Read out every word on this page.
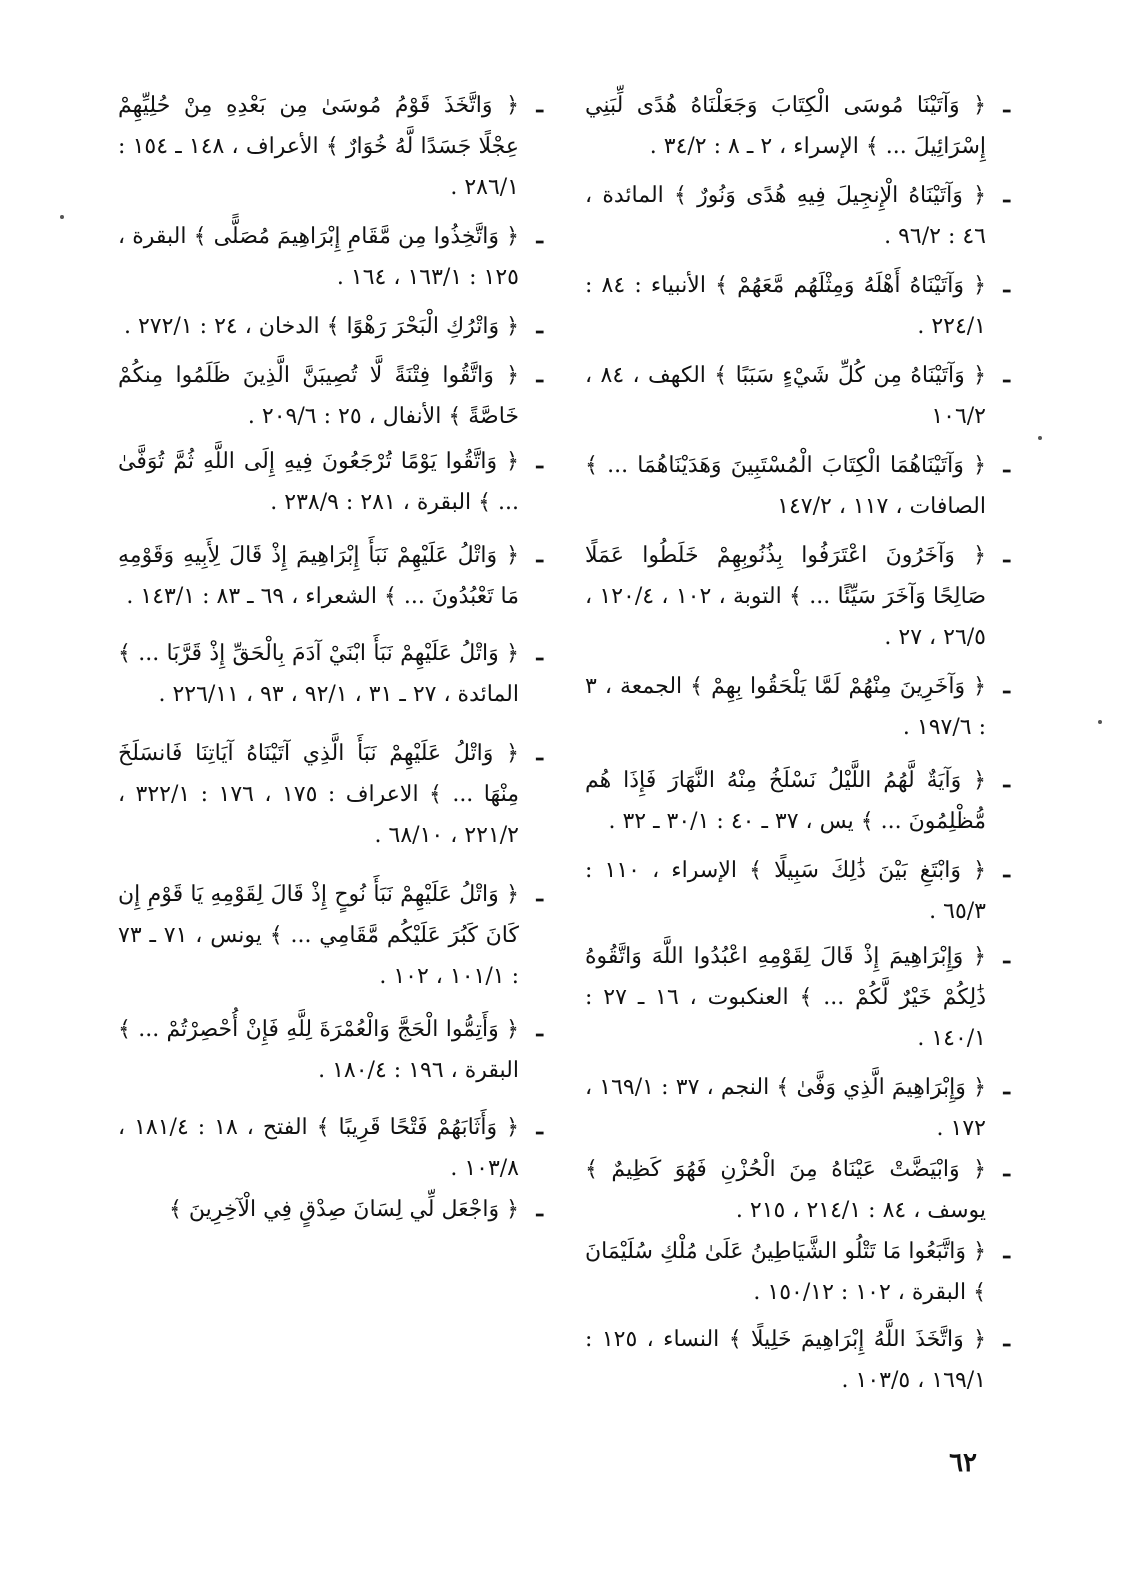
ـ
﴿ وَآتَيْنَا مُوسَى الْكِتَابَ وَجَعَلْنَاهُ هُدًى لِّبَنِي إِسْرَائِيلَ ... ﴾ الإسراء ، ٢ ـ ٨ : ٣٤/٢ .

ـ
﴿ وَآتَيْنَاهُ الْإِنجِيلَ فِيهِ هُدًى وَنُورٌ ﴾ المائدة ، ٤٦ : ٩٦/٢ .

ـ
﴿ وَآتَيْنَاهُ أَهْلَهُ وَمِثْلَهُم مَّعَهُمْ ﴾ الأنبياء : ٨٤ : ٢٢٤/١ .

ـ
﴿ وَآتَيْنَاهُ مِن كُلِّ شَيْءٍ سَبَبًا ﴾ الكهف ، ٨٤ ، ١٠٦/٢

ـ
﴿ وَآتَيْنَاهُمَا الْكِتَابَ الْمُسْتَبِينَ وَهَدَيْنَاهُمَا ... ﴾ الصافات ، ١١٧ ، ١٤٧/٢

ـ
﴿ وَآخَرُونَ اعْتَرَفُوا بِذُنُوبِهِمْ خَلَطُوا عَمَلًا صَالِحًا وَآخَرَ سَيِّئًا ... ﴾ التوبة ، ١٠٢ ، ١٢٠/٤ ، ٢٦/٥ ، ٢٧ .

ـ
﴿ وَآخَرِينَ مِنْهُمْ لَمَّا يَلْحَقُوا بِهِمْ ﴾ الجمعة ، ٣ : ١٩٧/٦ .

ـ
﴿ وَآيَةٌ لَّهُمُ اللَّيْلُ نَسْلَخُ مِنْهُ النَّهَارَ فَإِذَا هُم مُّظْلِمُونَ ... ﴾ يس ، ٣٧ ـ ٤٠ : ٣٠/١ ـ ٣٢ .

ـ
﴿ وَابْتَغِ بَيْنَ ذَٰلِكَ سَبِيلًا ﴾ الإسراء ، ١١٠ : ٦٥/٣ .

ـ
﴿ وَإِبْرَاهِيمَ إِذْ قَالَ لِقَوْمِهِ اعْبُدُوا اللَّهَ وَاتَّقُوهُ ذَٰلِكُمْ خَيْرٌ لَّكُمْ ... ﴾ العنكبوت ، ١٦ ـ ٢٧ : ١٤٠/١ .

ـ
﴿ وَإِبْرَاهِيمَ الَّذِي وَفَّىٰ ﴾ النجم ، ٣٧ : ١٦٩/١ ، ١٧٢ .

ـ
﴿ وَابْيَضَّتْ عَيْنَاهُ مِنَ الْحُزْنِ فَهُوَ كَظِيمٌ ﴾ يوسف ، ٨٤ : ٢١٤/١ ، ٢١٥ .

ـ
﴿ وَاتَّبَعُوا مَا تَتْلُو الشَّيَاطِينُ عَلَىٰ مُلْكِ سُلَيْمَانَ ﴾ البقرة ، ١٠٢ : ١٥٠/١٢ .

ـ
﴿ وَاتَّخَذَ اللَّهُ إِبْرَاهِيمَ خَلِيلًا ﴾ النساء ، ١٢٥ : ١٦٩/١ ، ١٠٣/٥ .

ـ
﴿ وَاتَّخَذَ قَوْمُ مُوسَىٰ مِن بَعْدِهِ مِنْ حُلِيِّهِمْ عِجْلًا جَسَدًا لَّهُ خُوَارٌ ﴾ الأعراف ، ١٤٨ ـ ١٥٤ : ٢٨٦/١ .

ـ
﴿ وَاتَّخِذُوا مِن مَّقَامِ إِبْرَاهِيمَ مُصَلًّى ﴾ البقرة ، ١٢٥ : ١٦٣/١ ، ١٦٤ .

ـ
﴿ وَاتْرُكِ الْبَحْرَ رَهْوًا ﴾ الدخان ، ٢٤ : ٢٧٢/١ .

ـ
﴿ وَاتَّقُوا فِتْنَةً لَّا تُصِيبَنَّ الَّذِينَ ظَلَمُوا مِنكُمْ خَاصَّةً ﴾ الأنفال ، ٢٥ : ٢٠٩/٦ .

ـ
﴿ وَاتَّقُوا يَوْمًا تُرْجَعُونَ فِيهِ إِلَى اللَّهِ ثُمَّ تُوَفَّىٰ ... ﴾ البقرة ، ٢٨١ : ٢٣٨/٩ .

ـ
﴿ وَاتْلُ عَلَيْهِمْ نَبَأَ إِبْرَاهِيمَ إِذْ قَالَ لِأَبِيهِ وَقَوْمِهِ مَا تَعْبُدُونَ ... ﴾ الشعراء ، ٦٩ ـ ٨٣ : ١٤٣/١ .

ـ
﴿ وَاتْلُ عَلَيْهِمْ نَبَأَ ابْنَيْ آدَمَ بِالْحَقِّ إِذْ قَرَّبَا ... ﴾ المائدة ، ٢٧ ـ ٣١ ، ٩٢/١ ، ٩٣ ، ٢٢٦/١١ .

ـ
﴿ وَاتْلُ عَلَيْهِمْ نَبَأَ الَّذِي آتَيْنَاهُ آيَاتِنَا فَانسَلَخَ مِنْهَا ... ﴾ الاعراف : ١٧٥ ، ١٧٦ : ٣٢٢/١ ، ٢٢١/٢ ، ٦٨/١٠ .

ـ
﴿ وَاتْلُ عَلَيْهِمْ نَبَأَ نُوحٍ إِذْ قَالَ لِقَوْمِهِ يَا قَوْمِ إِن كَانَ كَبُرَ عَلَيْكُم مَّقَامِي ... ﴾ يونس ، ٧١ ـ ٧٣ : ١٠١/١ ، ١٠٢ .

ـ
﴿ وَأَتِمُّوا الْحَجَّ وَالْعُمْرَةَ لِلَّهِ فَإِنْ أُحْصِرْتُمْ ... ﴾ البقرة ، ١٩٦ : ١٨٠/٤ .

ـ
﴿ وَأَثَابَهُمْ فَتْحًا قَرِيبًا ﴾ الفتح ، ١٨ : ١٨١/٤ ، ١٠٣/٨ .

ـ
﴿ وَاجْعَل لِّي لِسَانَ صِدْقٍ فِي الْآخِرِينَ ﴾

٦٢
